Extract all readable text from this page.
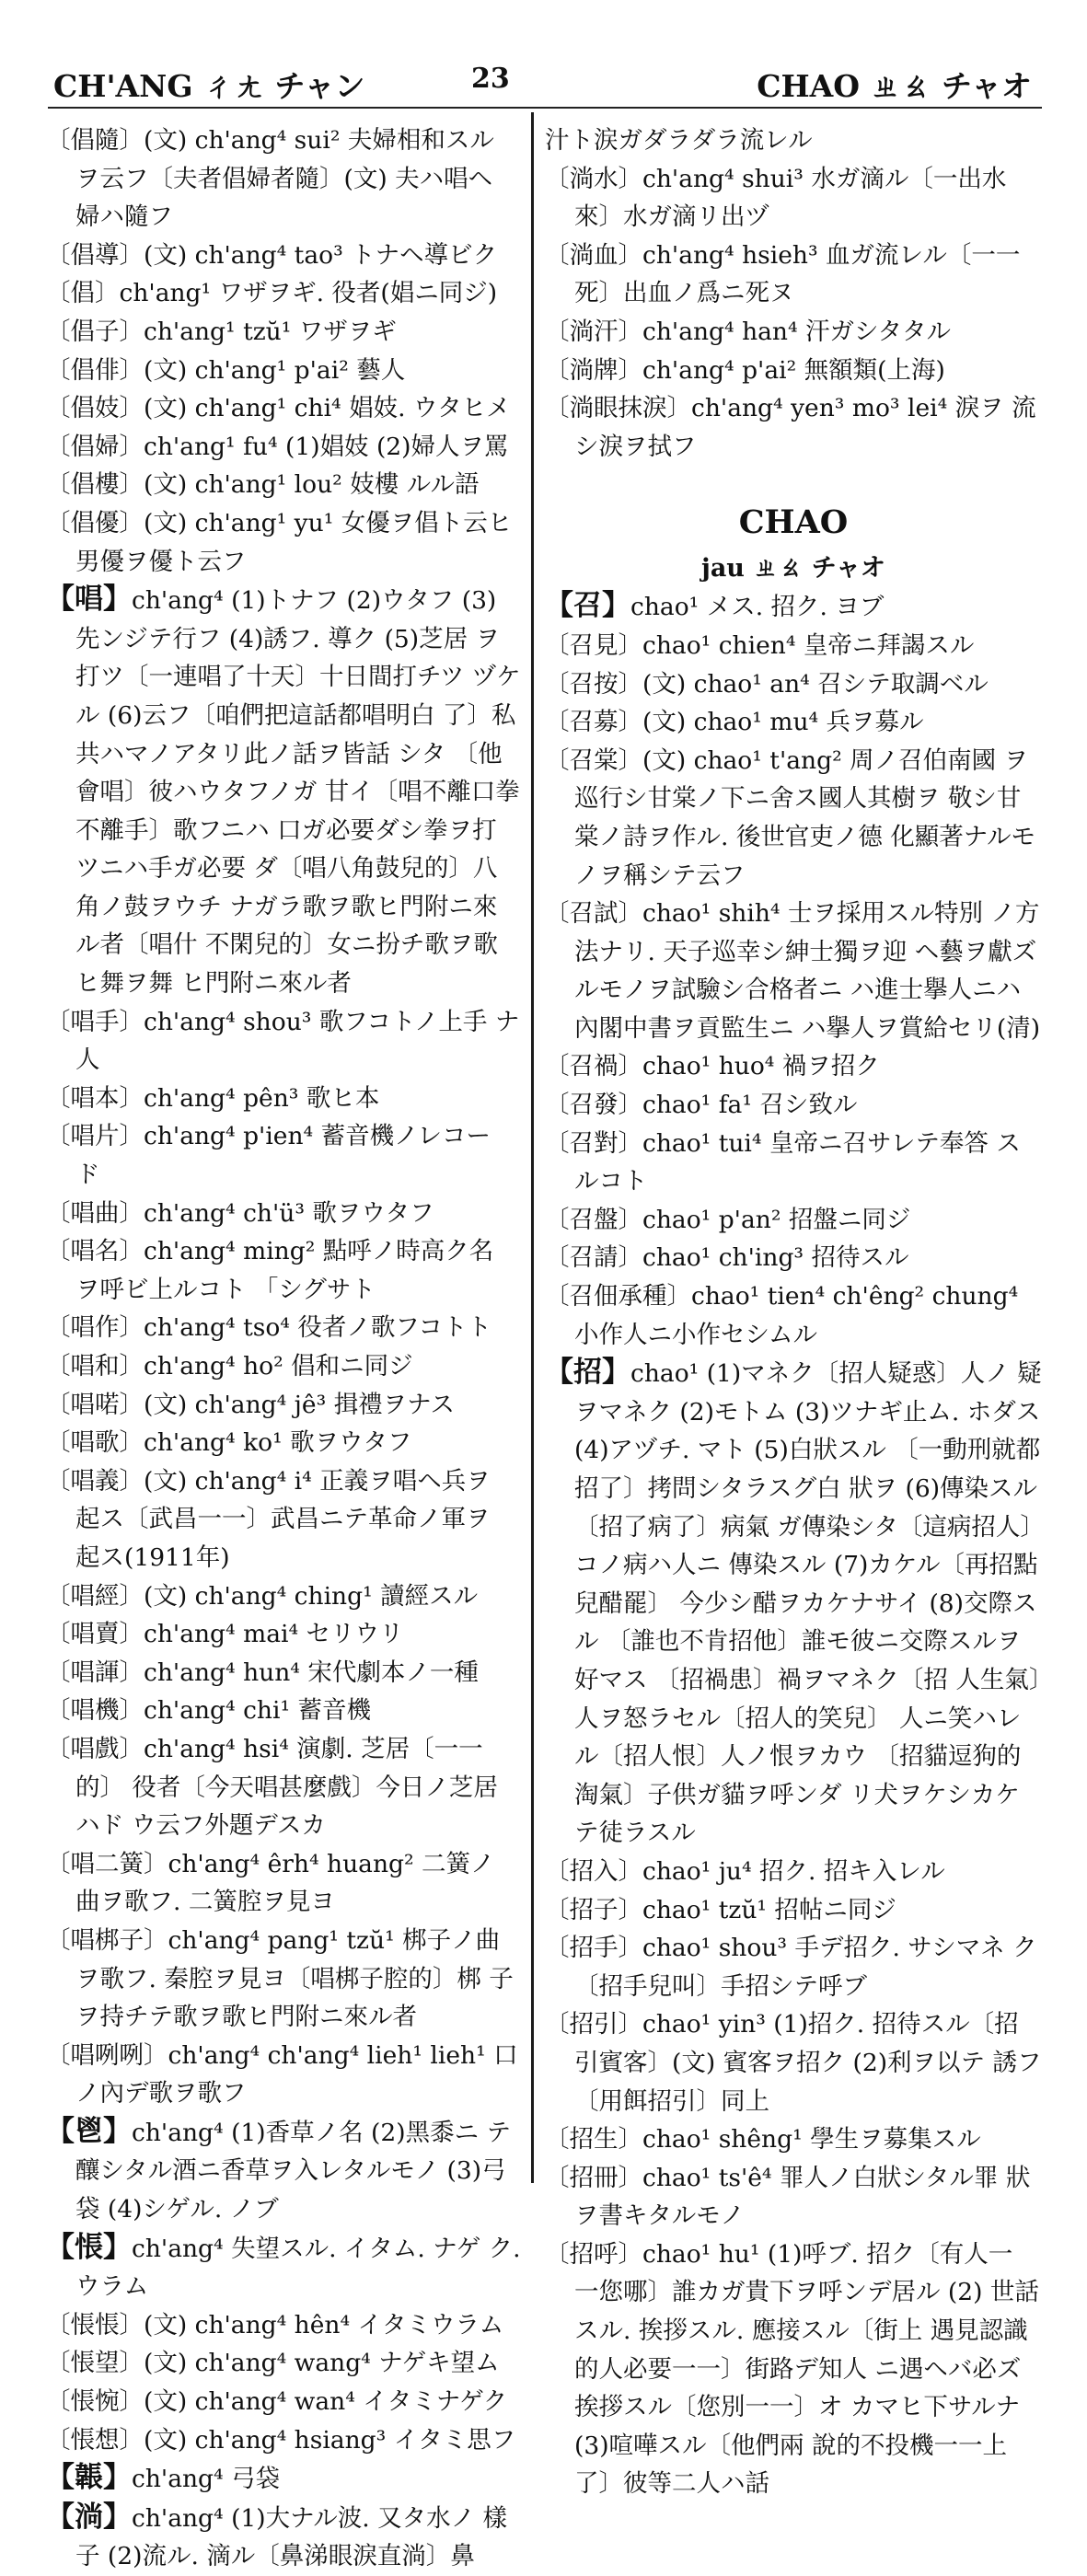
CH'ANG ㄔㄤ チャン	23	CHAO ㄓㄠ チャオ

〔倡隨〕(文) ch'ang⁴ sui² 夫婦相和スル ヲ云フ〔夫者倡婦者隨〕(文) 夫ハ唱ヘ 婦ハ隨フ

〔倡導〕(文) ch'ang⁴ tao³ トナヘ導ビク

〔倡〕ch'ang¹ ワザヲギ. 役者(娼ニ同ジ)

〔倡子〕ch'ang¹ tzŭ¹ ワザヲギ

〔倡俳〕(文) ch'ang¹ p'ai² 藝人

〔倡妓〕(文) ch'ang¹ chi⁴ 娼妓. ウタヒメ

〔倡婦〕ch'ang¹ fu⁴ (1)娼妓 (2)婦人ヲ罵

〔倡樓〕(文) ch'ang¹ lou² 妓樓 ルル語

〔倡優〕(文) ch'ang¹ yu¹ 女優ヲ倡ト云ヒ 男優ヲ優ト云フ

【唱】ch'ang⁴ (1)トナフ (2)ウタフ (3) 先ンジテ行フ (4)誘フ. 導ク (5)芝居 ヲ打ツ〔一連唱了十天〕十日間打チツ ヅケル (6)云フ〔咱們把這話都唱明白 了〕私共ハマノアタリ此ノ話ヲ皆話 シタ 〔他會唱〕彼ハウタフノガ 甘イ〔唱不離口拳不離手〕歌フニハ 口ガ必要ダシ拳ヲ打ツニハ手ガ必要 ダ〔唱八角鼓兒的〕八角ノ鼓ヲウチ ナガラ歌ヲ歌ヒ門附ニ來ル者〔唱什 不閑兒的〕女ニ扮チ歌ヲ歌ヒ舞ヲ舞 ヒ門附ニ來ル者

〔唱手〕ch'ang⁴ shou³ 歌フコトノ上手 ナ人

〔唱本〕ch'ang⁴ pên³ 歌ヒ本

〔唱片〕ch'ang⁴ p'ien⁴ 蓄音機ノレコー ド

〔唱曲〕ch'ang⁴ ch'ü³ 歌ヲウタフ

〔唱名〕ch'ang⁴ ming² 點呼ノ時高ク名 ヲ呼ビ上ルコト 「シグサト

〔唱作〕ch'ang⁴ tso⁴ 役者ノ歌フコトト

〔唱和〕ch'ang⁴ ho² 倡和ニ同ジ

〔唱喏〕(文) ch'ang⁴ jê³ 揖禮ヲナス

〔唱歌〕ch'ang⁴ ko¹ 歌ヲウタフ

〔唱義〕(文) ch'ang⁴ i⁴ 正義ヲ唱ヘ兵ヲ 起ス〔武昌一一〕武昌ニテ革命ノ軍ヲ 起ス(1911年)

〔唱經〕(文) ch'ang⁴ ching¹ 讀經スル

〔唱賣〕ch'ang⁴ mai⁴ セリウリ

〔唱諢〕ch'ang⁴ hun⁴ 宋代劇本ノ一種

〔唱機〕ch'ang⁴ chi¹ 蓄音機

〔唱戲〕ch'ang⁴ hsi⁴ 演劇. 芝居〔一一的〕 役者〔今天唱甚麼戲〕今日ノ芝居ハド ウ云フ外題デスカ

〔唱二簧〕ch'ang⁴ êrh⁴ huang² 二簧ノ 曲ヲ歌フ. 二簧腔ヲ見ヨ

〔唱梆子〕ch'ang⁴ pang¹ tzŭ¹ 梆子ノ曲 ヲ歌フ. 秦腔ヲ見ヨ〔唱梆子腔的〕梆 子ヲ持チテ歌ヲ歌ヒ門附ニ來ル者

〔唱咧咧〕ch'ang⁴ ch'ang⁴ lieh¹ lieh¹ 口ノ內デ歌ヲ歌フ

【鬯】ch'ang⁴ (1)香草ノ名 (2)黑黍ニ テ釀シタル酒ニ香草ヲ入レタルモノ (3)弓袋 (4)シゲル. ノブ

【悵】ch'ang⁴ 失望スル. イタム. ナゲ ク. ウラム

〔悵悵〕(文) ch'ang⁴ hên⁴ イタミウラム

〔悵望〕(文) ch'ang⁴ wang⁴ ナゲキ望ム

〔悵惋〕(文) ch'ang⁴ wan⁴ イタミナゲク

〔悵想〕(文) ch'ang⁴ hsiang³ イタミ思フ

【韔】ch'ang⁴ 弓袋

【淌】ch'ang⁴ (1)大ナル波. 又タ水ノ 樣子 (2)流ル. 滴ル〔鼻涕眼淚直淌〕鼻

汁ト涙ガダラダラ流レル

〔淌水〕ch'ang⁴ shui³ 水ガ滴ル〔一出水 來〕水ガ滴リ出ヅ

〔淌血〕ch'ang⁴ hsieh³ 血ガ流レル〔一一 死〕出血ノ爲ニ死ヌ

〔淌汗〕ch'ang⁴ han⁴ 汗ガシタタル

〔淌牌〕ch'ang⁴ p'ai² 無額類(上海)

〔淌眼抹淚〕ch'ang⁴ yen³ mo³ lei⁴ 淚ヲ 流シ淚ヲ拭フ

CHAO
jau ㄓㄠ チャオ

【召】chao¹ メス. 招ク. ヨブ

〔召見〕chao¹ chien⁴ 皇帝ニ拜謁スル

〔召按〕(文) chao¹ an⁴ 召シテ取調ベル

〔召募〕(文) chao¹ mu⁴ 兵ヲ募ル

〔召棠〕(文) chao¹ t'ang² 周ノ召伯南國 ヲ巡行シ甘棠ノ下ニ舍ス國人其樹ヲ 敬シ甘棠ノ詩ヲ作ル. 後世官吏ノ德 化顯著ナルモノヲ稱シテ云フ

〔召試〕chao¹ shih⁴ 士ヲ採用スル特別 ノ方法ナリ. 天子巡幸シ紳士獨ヲ迎 ヘ藝ヲ獻ズルモノヲ試驗シ合格者ニ ハ進士擧人ニハ內閣中書ヲ貢監生ニ ハ擧人ヲ賞給セリ(清)

〔召禍〕chao¹ huo⁴ 禍ヲ招ク

〔召發〕chao¹ fa¹ 召シ致ル

〔召對〕chao¹ tui⁴ 皇帝ニ召サレテ奉答 スルコト

〔召盤〕chao¹ p'an² 招盤ニ同ジ

〔召請〕chao¹ ch'ing³ 招待スル

〔召佃承種〕chao¹ tien⁴ ch'êng² chung⁴ 小作人ニ小作セシムル

【招】chao¹ (1)マネク〔招人疑惑〕人ノ 疑ヲマネク (2)モトム (3)ツナギ止ム. ホダス (4)アヅチ. マト (5)白狀スル 〔一動刑就都招了〕拷問シタラスグ白 狀ヲ (6)傳染スル〔招了病了〕病氣 ガ傳染シタ〔這病招人〕コノ病ハ人ニ 傳染スル (7)カケル〔再招點兒醋罷〕 今少シ醋ヲカケナサイ (8)交際スル 〔誰也不肯招他〕誰モ彼ニ交際スルヲ 好マス 〔招禍患〕禍ヲマネク〔招 人生氣〕人ヲ怒ラセル〔招人的笑兒〕 人ニ笑ハレル〔招人恨〕人ノ恨ヲカウ 〔招貓逗狗的淘氣〕子供ガ貓ヲ呼ンダ リ犬ヲケシカケテ徒ラスル

〔招入〕chao¹ ju⁴ 招ク. 招キ入レル

〔招子〕chao¹ tzŭ¹ 招帖ニ同ジ

〔招手〕chao¹ shou³ 手デ招ク. サシマネ ク〔招手兒叫〕手招シテ呼ブ

〔招引〕chao¹ yin³ (1)招ク. 招待スル〔招 引賓客〕(文) 賓客ヲ招ク (2)利ヲ以テ 誘フ〔用餌招引〕同上

〔招生〕chao¹ shêng¹ 學生ヲ募集スル

〔招冊〕chao¹ ts'ê⁴ 罪人ノ白狀シタル罪 狀ヲ書キタルモノ

〔招呼〕chao¹ hu¹ (1)呼ブ. 招ク〔有人一 一您哪〕誰カガ貴下ヲ呼ンデ居ル (2) 世話スル. 挨拶スル. 應接スル〔街上 遇見認識的人必要一一〕街路デ知人 ニ遇ヘバ必ズ挨拶スル〔您別一一〕オ カマヒ下サルナ (3)喧嘩スル〔他們兩 說的不投機一一上了〕彼等二人ハ話
